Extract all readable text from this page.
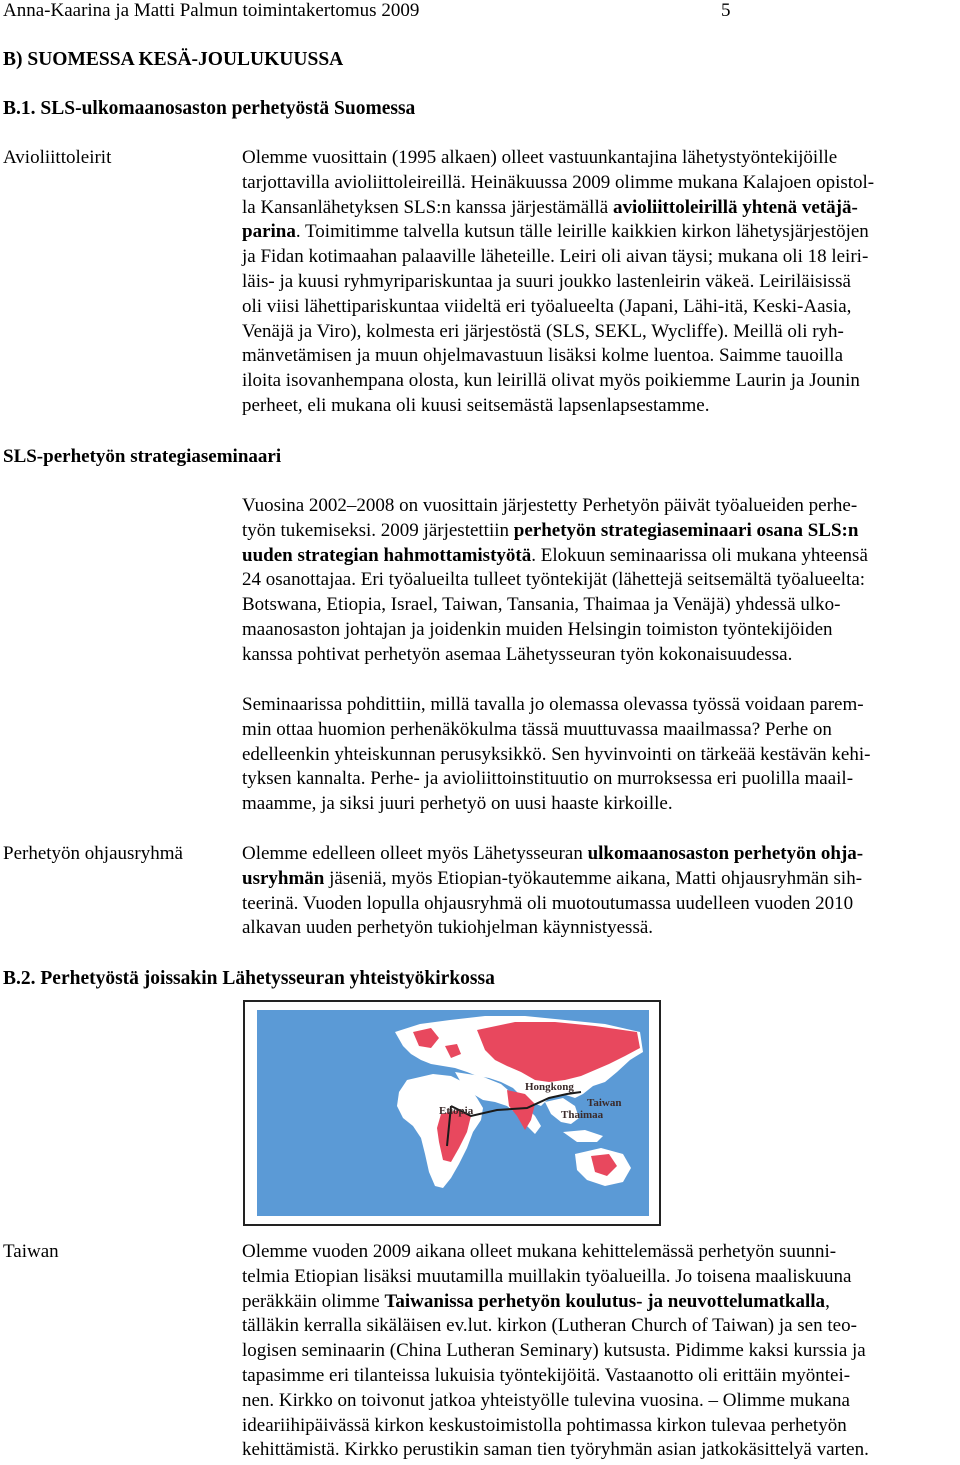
Anna-Kaarina ja Matti Palmun toimintakertomus 2009	5
B) SUOMESSA KESÄ-JOULUKUUSSA
B.1. SLS-ulkomaanosaston perhetyöstä Suomessa
Avioliittoleirit	Olemme vuosittain (1995 alkaen) olleet vastuunkantajina lähetystyöntekijöille
tarjottavilla avioliittoleireillä. Heinäkuussa 2009 olimme mukana Kalajoen opistol-
la Kansanlähetyksen SLS:n kanssa järjestämällä avioliittoleirillä yhtenä vetäjä-
parina. Toimitimme talvella kutsun tälle leirille kaikkien kirkon lähetysjärjestöjen
ja Fidan kotimaahan palaaville läheteille. Leiri oli aivan täysi; mukana oli 18 leiri-
läis- ja kuusi ryhmyripariskuntaa ja suuri joukko lastenleirin väkeä. Leiriläisissä
oli viisi lähettipariskuntaa viideltä eri työalueelta (Japani, Lähi-itä, Keski-Aasia,
Venäjä ja Viro), kolmesta eri järjestöstä (SLS, SEKL, Wycliffe). Meillä oli ryh-
mänvetämisen ja muun ohjelmavastuun lisäksi kolme luentoa. Saimme tauoilla
iloita isovanhempana olosta, kun leirillä olivat myös poikiemme Laurin ja Jounin
perheet, eli mukana oli kuusi seitsemästä lapsenlapsestamme.
SLS-perhetyön strategiaseminaari
Vuosina 2002–2008 on vuosittain järjestetty Perhetyön päivät työalueiden perhe-
työn tukemiseksi. 2009 järjestettiin perhetyön strategiaseminaari osana SLS:n
uuden strategian hahmottamistyötä. Elokuun seminaarissa oli mukana yhteensä
24 osanottajaa. Eri työalueilta tulleet työntekijät (lähettejä seitsemältä työalueelta:
Botswana, Etiopia, Israel, Taiwan, Tansania, Thaimaa ja Venäjä) yhdessä ulko-
maanosaston johtajan ja joidenkin muiden Helsingin toimiston työntekijöiden
kanssa pohtivat perhetyön asemaa Lähetysseuran työn kokonaisuudessa.
Seminaarissa pohdittiin, millä tavalla jo olemassa olevassa työssä voidaan parem-
min ottaa huomion perhenäkökulma tässä muuttuvassa maailmassa? Perhe on
edelleenkin yhteiskunnan perusyksikkö. Sen hyvinvointi on tärkeää kestävän kehi-
tyksen kannalta. Perhe- ja avioliittoinstituutio on murroksessa eri puolilla maail-
maamme, ja siksi juuri perhetyö on uusi haaste kirkoille.
Perhetyön ohjausryhmä	Olemme edelleen olleet myös Lähetysseuran ulkomaanosaston perhetyön ohja-
usryhmän jäseniä, myös Etiopian-työkautemme aikana, Matti ohjausryhmän sih-
teerinä. Vuoden lopulla ohjausryhmä oli muotoutumassa uudelleen vuoden 2010
alkavan uuden perhetyön tukiohjelman käynnistyessä.
B.2. Perhetyöstä joissakin Lähetysseuran yhteistyökirkossa
Etiopia
Hongkong
Taiwan
Thaimaa
Taiwan	Olemme vuoden 2009 aikana olleet mukana kehittelemässä perhetyön suunni-
telmia Etiopian lisäksi muutamilla muillakin työalueilla. Jo toisena maaliskuuna
peräkkäin olimme Taiwanissa perhetyön koulutus- ja neuvottelumatkalla,
tälläkin kerralla sikäläisen ev.lut. kirkon (Lutheran Church of Taiwan) ja sen teo-
logisen seminaarin (China Lutheran Seminary) kutsusta. Pidimme kaksi kurssia ja
tapasimme eri tilanteissa lukuisia työntekijöitä. Vastaanotto oli erittäin myöntei-
nen. Kirkko on toivonut jatkoa yhteistyölle tulevina vuosina. – Olimme mukana
ideariihipäivässä kirkon keskustoimistolla pohtimassa kirkon tulevaa perhetyön
kehittämistä. Kirkko perustikin saman tien työryhmän asian jatkokäsittelyä varten.
